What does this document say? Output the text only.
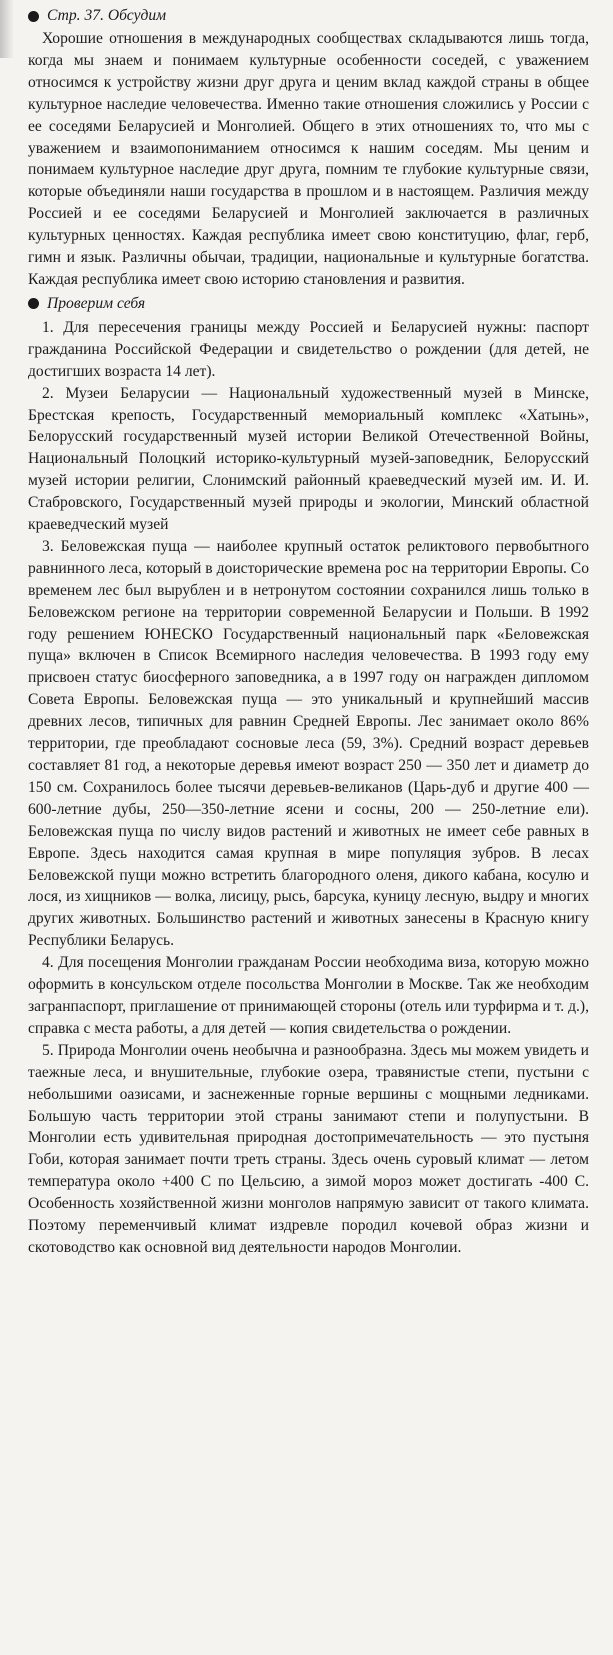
Стр. 37. Обсудим

Хорошие отношения в международных сообществах складываются лишь тогда, когда мы знаем и понимаем культурные особенности соседей, с уважением относимся к устройству жизни друг друга и ценим вклад каждой страны в общее культурное наследие человечества. Именно такие отношения сложились у России с ее соседями Беларусией и Монголией. Общего в этих отношениях то, что мы с уважением и взаимопониманием относимся к нашим соседям. Мы ценим и понимаем культурное наследие друг друга, помним те глубокие культурные связи, которые объединяли наши государства в прошлом и в настоящем. Различия между Россией и ее соседями Беларусией и Монголией заключается в различных культурных ценностях. Каждая республика имеет свою конституцию, флаг, герб, гимн и язык. Различны обычаи, традиции, национальные и культурные богатства. Каждая республика имеет свою историю становления и развития.

Проверим себя

1. Для пересечения границы между Россией и Беларусией нужны: паспорт гражданина Российской Федерации и свидетельство о рождении (для детей, не достигших возраста 14 лет).

2. Музеи Беларусии — Национальный художественный музей в Минске, Брестская крепость, Государственный мемориальный комплекс «Хатынь», Белорусский государственный музей истории Великой Отечественной Войны, Национальный Полоцкий историко-культурный музей-заповедник, Белорусский музей истории религии, Слонимский районный краеведческий музей им. И. И. Стабровского, Государственный музей природы и экологии, Минский областной краеведческий музей

3. Беловежская пуща — наиболее крупный остаток реликтового первобытного равнинного леса, который в доисторические времена рос на территории Европы. Со временем лес был вырублен и в нетронутом состоянии сохранился лишь только в Беловежском регионе на территории современной Беларусии и Польши. В 1992 году решением ЮНЕСКО Государственный национальный парк «Беловежская пуща» включен в Список Всемирного наследия человечества. В 1993 году ему присвоен статус биосферного заповедника, а в 1997 году он награжден дипломом Совета Европы. Беловежская пуща — это уникальный и крупнейший массив древних лесов, типичных для равнин Средней Европы. Лес занимает около 86% территории, где преобладают сосновые леса (59, 3%). Средний возраст деревьев составляет 81 год, а некоторые деревья имеют возраст 250 — 350 лет и диаметр до 150 см. Сохранилось более тысячи деревьев-великанов (Царь-дуб и другие 400 — 600-летние дубы, 250—350-летние ясени и сосны, 200 — 250-летние ели). Беловежская пуща по числу видов растений и животных не имеет себе равных в Европе. Здесь находится самая крупная в мире популяция зубров. В лесах Беловежской пущи можно встретить благородного оленя, дикого кабана, косулю и лося, из хищников — волка, лисицу, рысь, барсука, куницу лесную, выдру и многих других животных. Большинство растений и животных занесены в Красную книгу Республики Беларусь.

4. Для посещения Монголии гражданам России необходима виза, которую можно оформить в консульском отделе посольства Монголии в Москве. Так же необходим загранпаспорт, приглашение от принимающей стороны (отель или турфирма и т. д.), справка с места работы, а для детей — копия свидетельства о рождении.

5. Природа Монголии очень необычна и разнообразна. Здесь мы можем увидеть и таежные леса, и внушительные, глубокие озера, травянистые степи, пустыни с небольшими оазисами, и заснеженные горные вершины с мощными ледниками. Большую часть территории этой страны занимают степи и полупустыни. В Монголии есть удивительная природная достопримечательность — это пустыня Гоби, которая занимает почти треть страны. Здесь очень суровый климат — летом температура около +400 С по Цельсию, а зимой мороз может достигать -400 С. Особенность хозяйственной жизни монголов напрямую зависит от такого климата. Поэтому переменчивый климат издревле породил кочевой образ жизни и скотоводство как основной вид деятельности народов Монголии.
